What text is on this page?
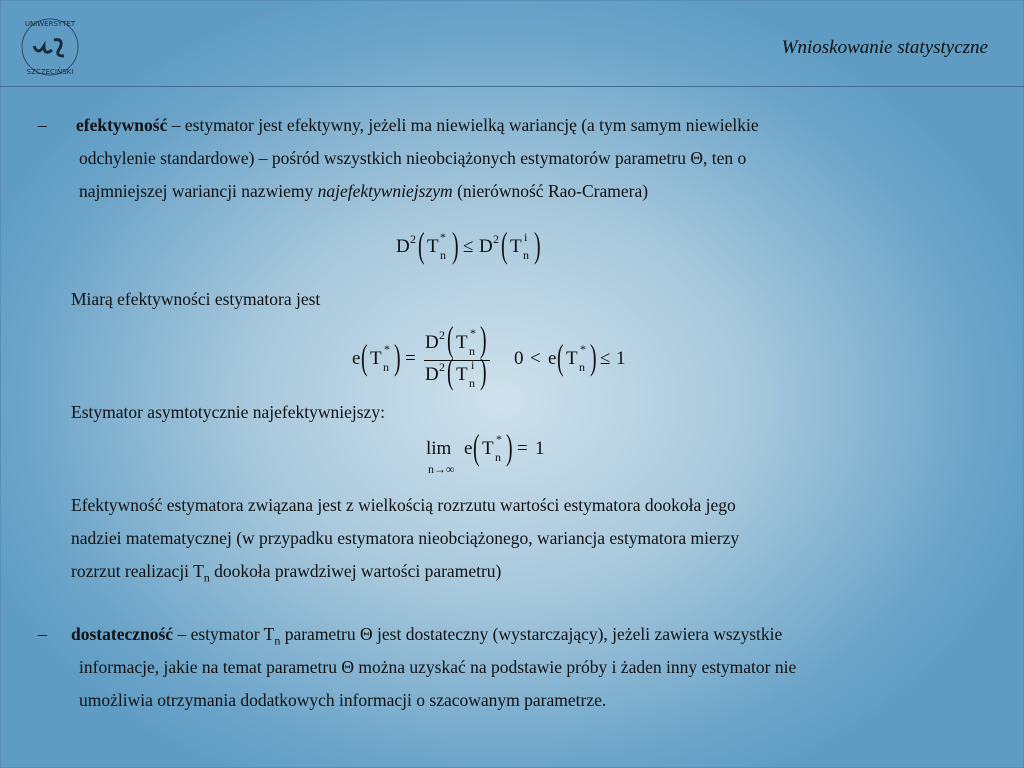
UNIWERSYTET
SZCZECIŃSKI
Wnioskowanie statystyczne
– efektywność – estymator jest efektywny, jeżeli ma niewielką wariancję (a tym samym niewielkie
odchylenie standardowe) – pośród wszystkich nieobciążonych estymatorów parametru Θ, ten o
najmniejszej wariancji nazwiemy najefektywniejszym (nierówność Rao-Cramera)
D 2 ( T *
n ) ≤ D 2 ( T i
n )
Miarą efektywności estymatora jest
e ( T *
n ) =
D 2 ( T *
n )
D 2 ( T i
n ) 0 < e ( T *
n ) ≤ 1
Estymator asymtotycznie najefektywniejszy:
lim
n→∞
e ( T *
n ) = 1
Efektywność estymatora związana jest z wielkością rozrzutu wartości estymatora dookoła jego
nadziei matematycznej (w przypadku estymatora nieobciążonego, wariancja estymatora mierzy
rozrzut realizacji $T_n$ dookoła prawdziwej wartości parametru)
– dostateczność – estymator $T_n$ parametru Θ jest dostateczny (wystarczający), jeżeli zawiera wszystkie
informacje, jakie na temat parametru Θ można uzyskać na podstawie próby i żaden inny estymator nie
umożliwia otrzymania dodatkowych informacji o szacowanym parametrze.
